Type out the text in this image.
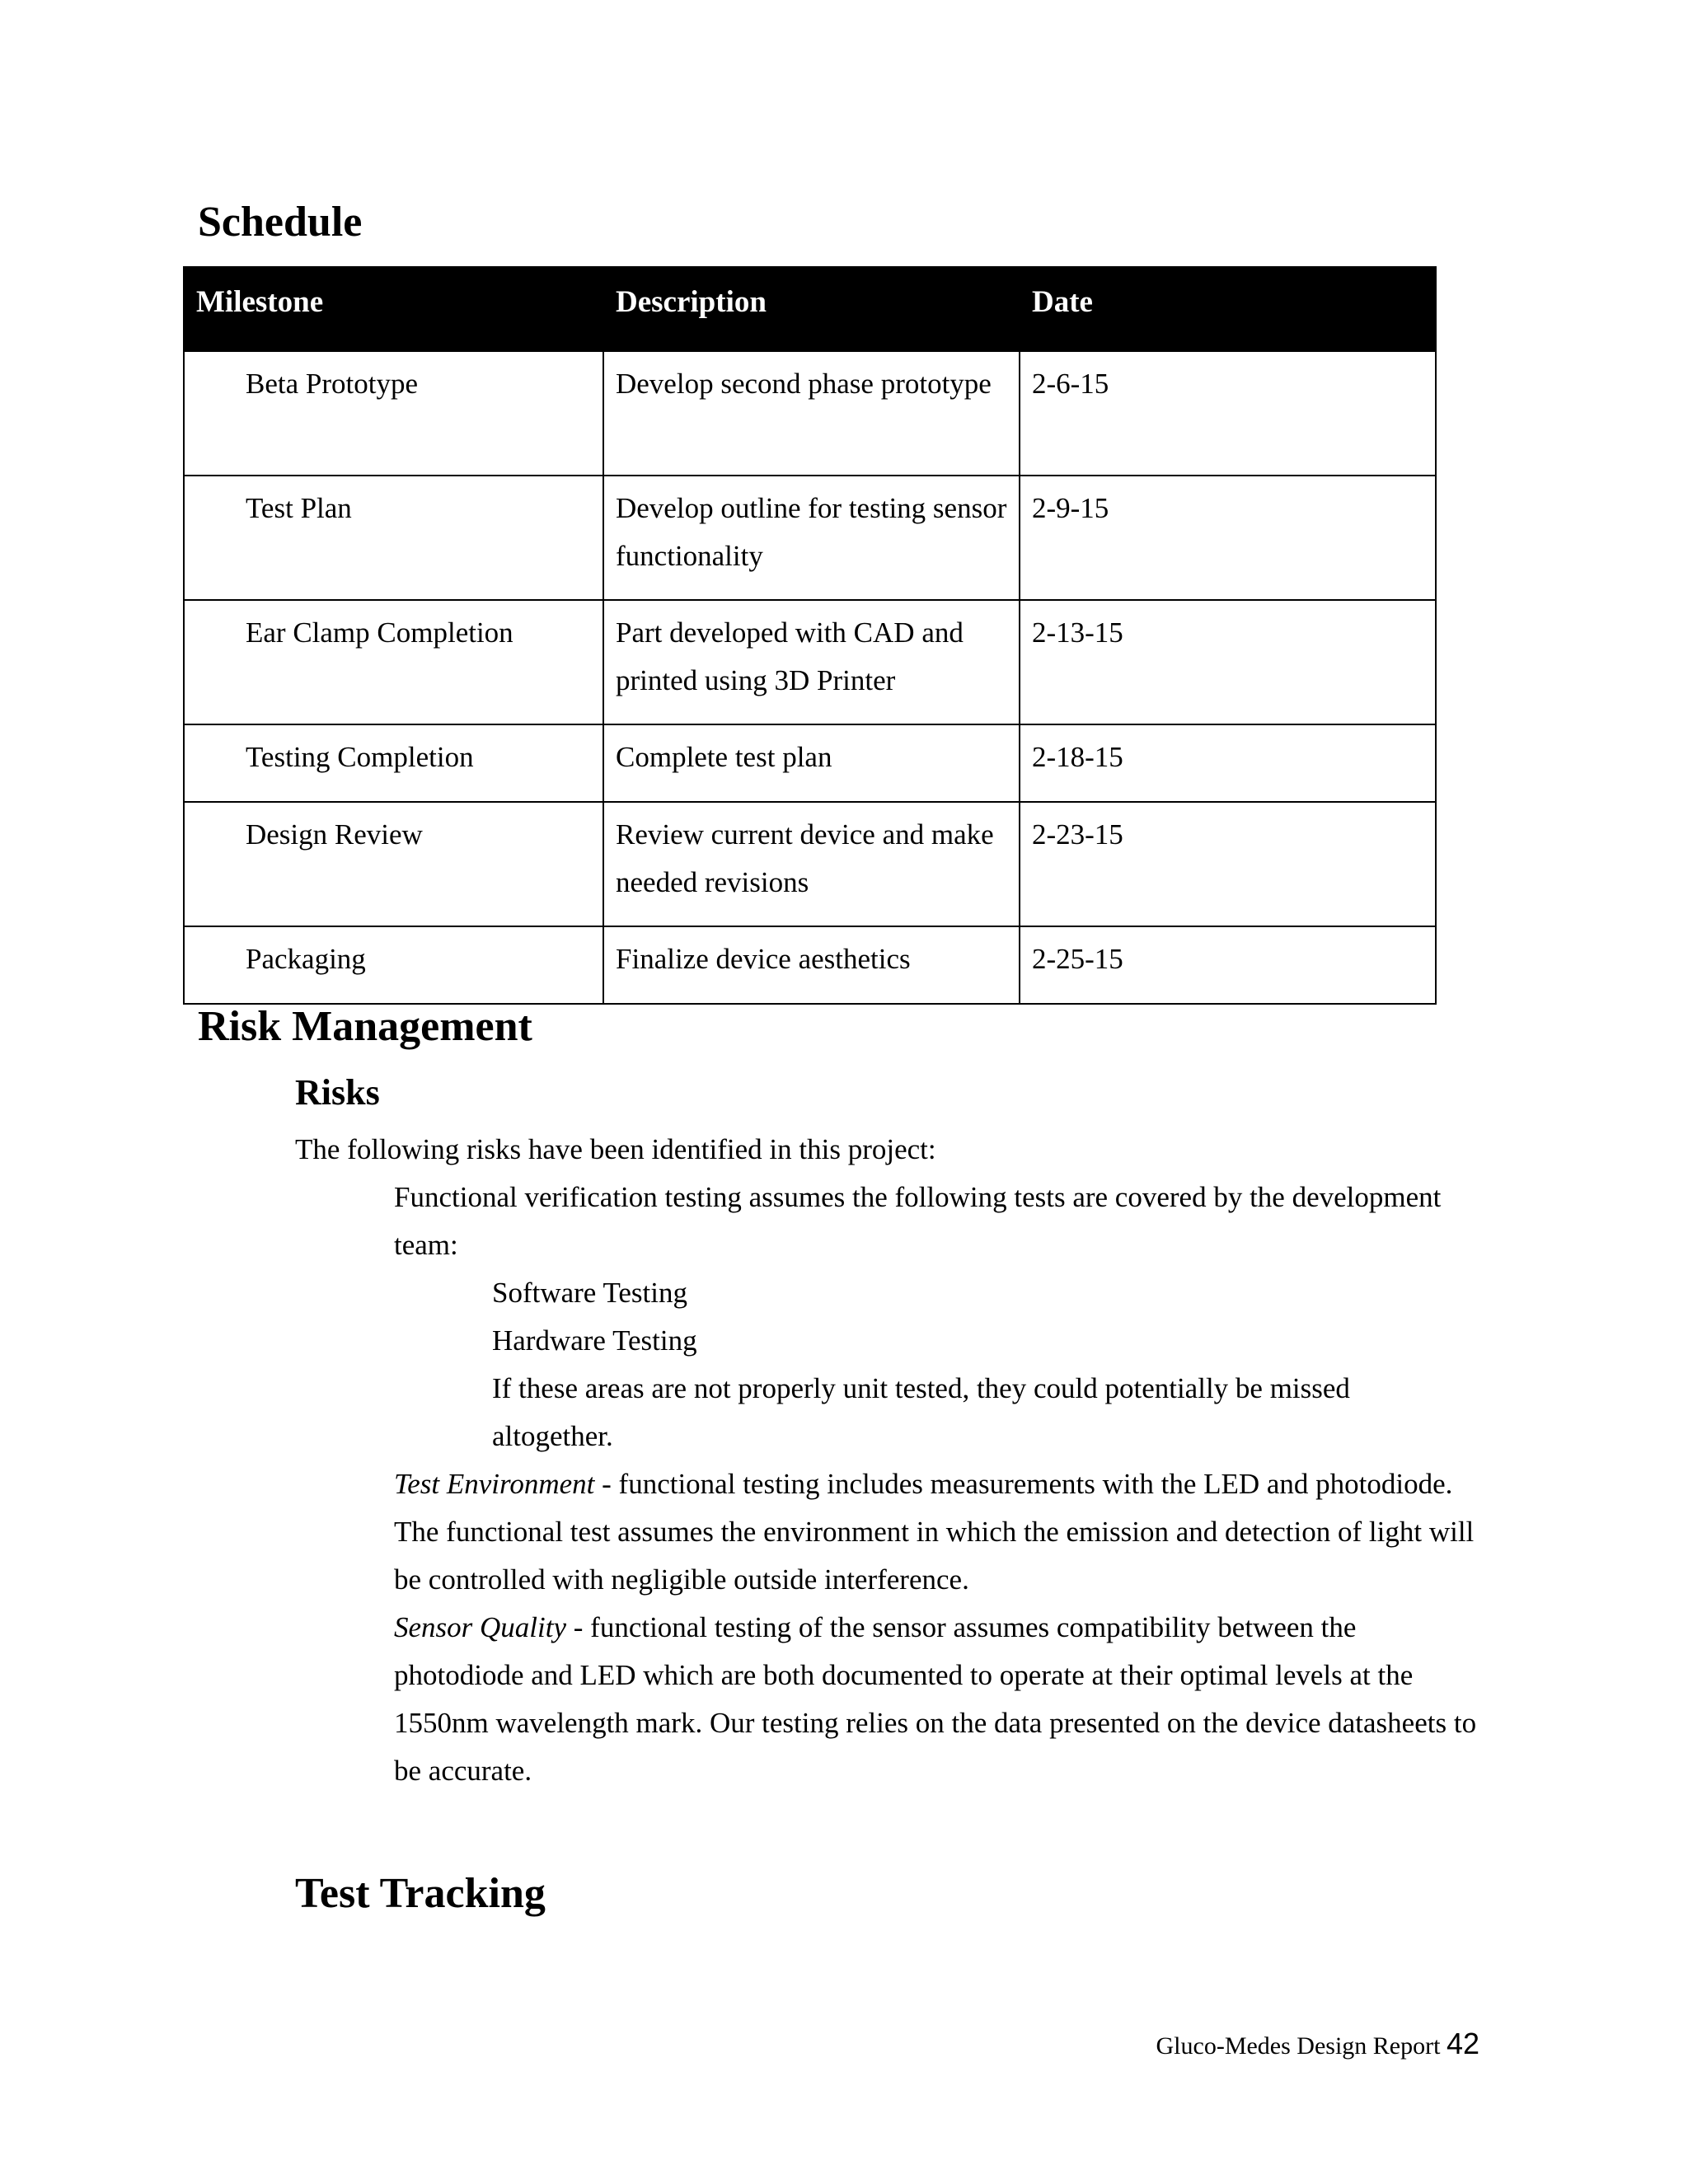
Schedule
Milestone	Description	Date
Beta Prototype	Develop second phase prototype	2-6-15
Test Plan	Develop outline for testing sensor functionality	2-9-15
Ear Clamp Completion	Part developed with CAD and printed using 3D Printer	2-13-15
Testing Completion	Complete test plan	2-18-15
Design Review	Review current device and make needed revisions	2-23-15
Packaging	Finalize device aesthetics	2-25-15
Risk Management
Risks

The following risks have been identified in this project:

Functional verification testing assumes the following tests are covered by the development team:

Software Testing

Hardware Testing

If these areas are not properly unit tested, they could potentially be missed altogether.

Test Environment - functional testing includes measurements with the LED and photodiode. The functional test assumes the environment in which the emission and detection of light will be controlled with negligible outside interference.

Sensor Quality - functional testing of the sensor assumes compatibility between the photodiode and LED which are both documented to operate at their optimal levels at the 1550nm wavelength mark. Our testing relies on the data presented on the device datasheets to be accurate.

Test Tracking
Gluco-Medes Design Report 42
